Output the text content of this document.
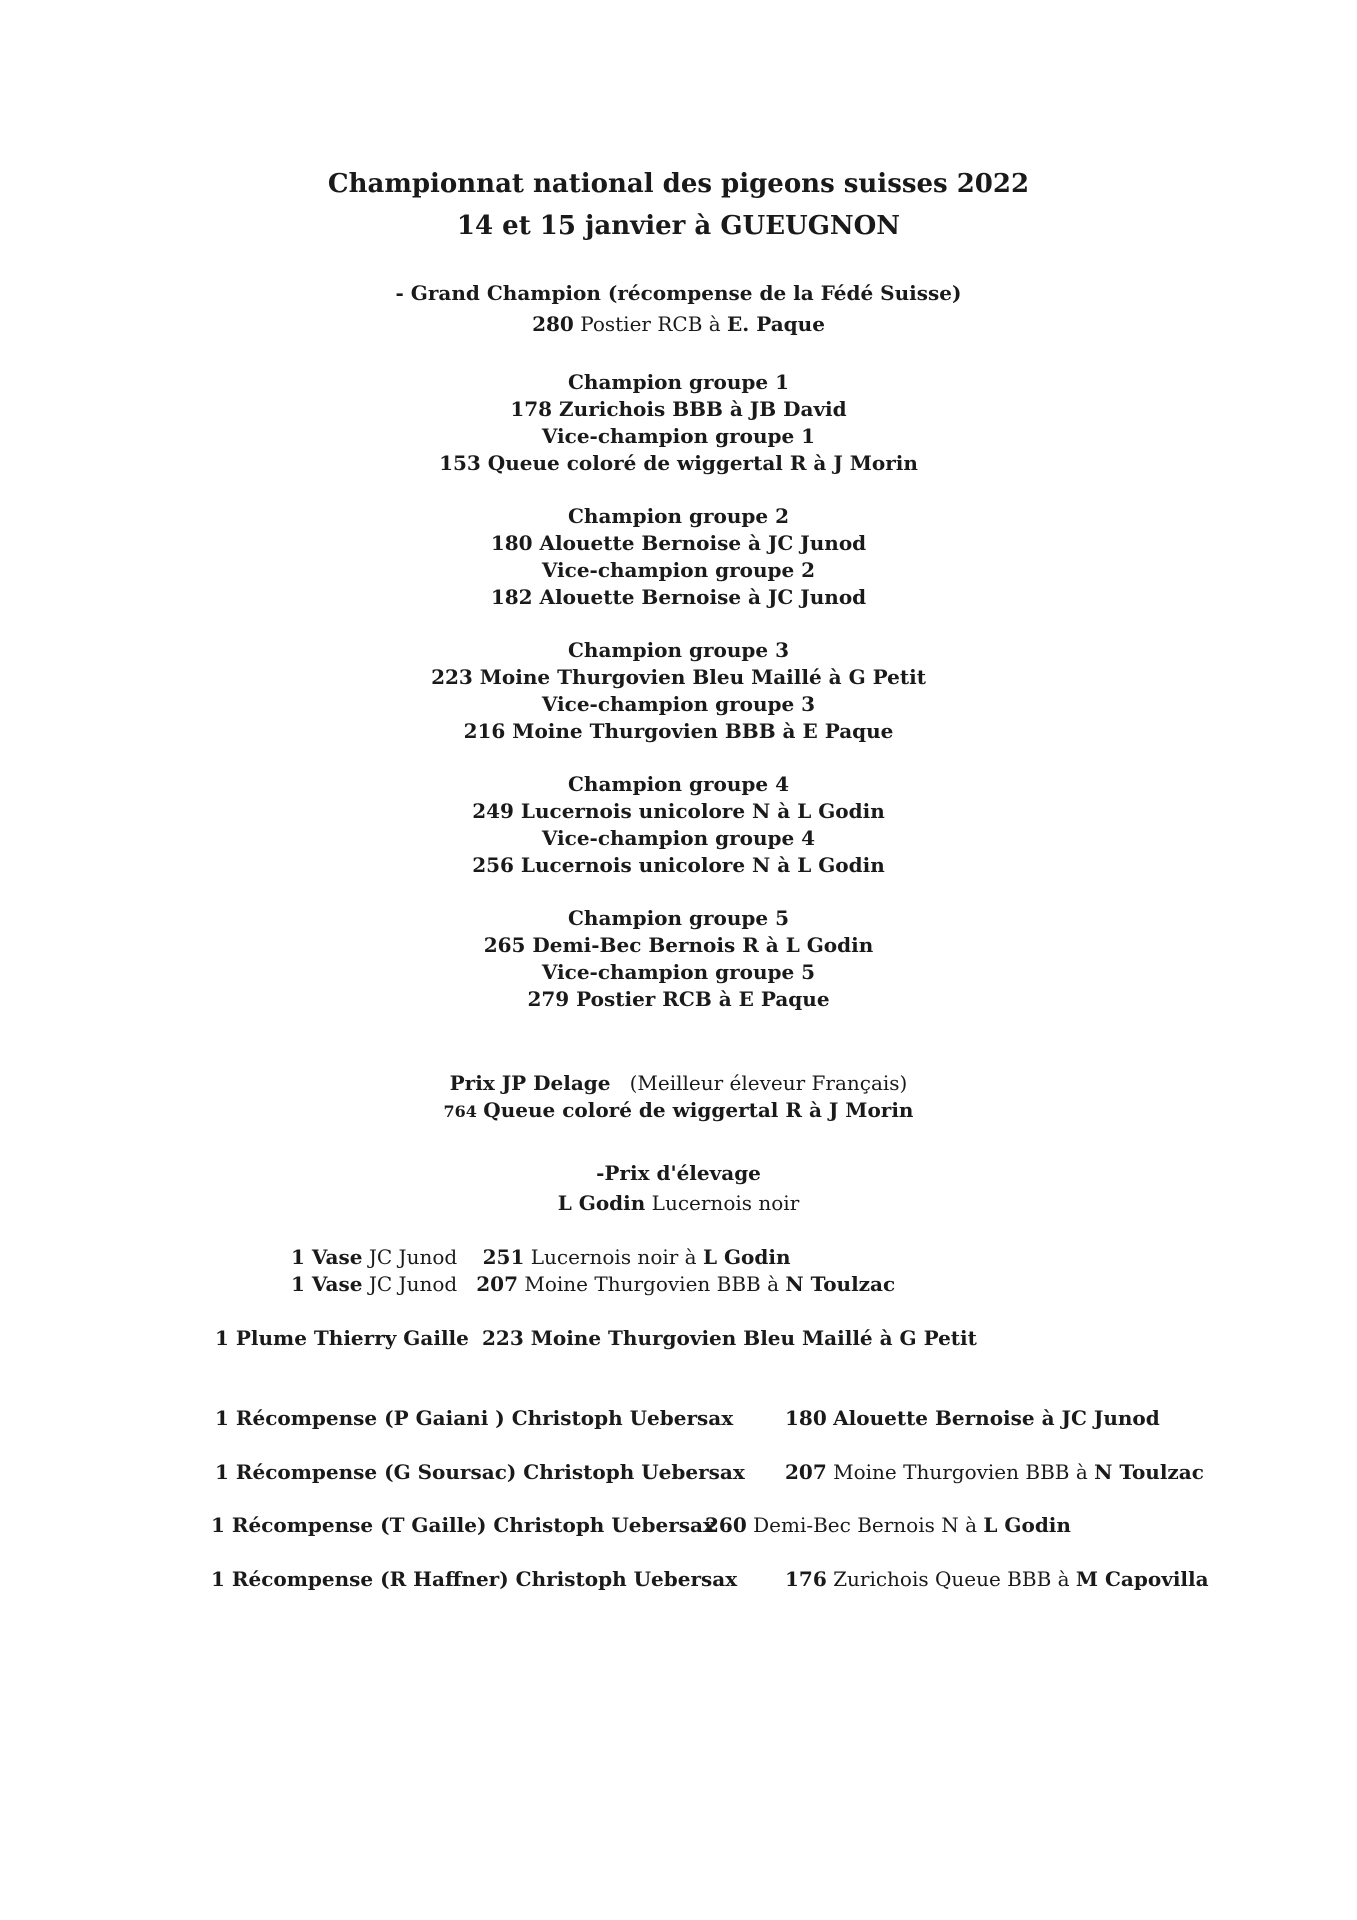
Championnat national des pigeons suisses 2022
14 et 15 janvier à GUEUGNON
- Grand Champion (récompense de la Fédé Suisse)
280 Postier RCB à E. Paque
Champion groupe 1
178 Zurichois BBB à JB David
Vice-champion groupe 1
153 Queue coloré de wiggertal R à J Morin
Champion groupe 2
180 Alouette Bernoise à JC Junod
Vice-champion groupe 2
182 Alouette Bernoise à JC Junod
Champion groupe 3
223 Moine Thurgovien Bleu Maillé à G Petit
Vice-champion groupe 3
216 Moine Thurgovien BBB à E Paque
Champion groupe 4
249 Lucernois unicolore N à L Godin
Vice-champion groupe 4
256 Lucernois unicolore N à L Godin
Champion groupe 5
265 Demi-Bec Bernois R à L Godin
Vice-champion groupe 5
279 Postier RCB à E Paque
Prix JP Delage (Meilleur éleveur Français)
764 Queue coloré de wiggertal R à J Morin
-Prix d'élevage
L Godin Lucernois noir
1 Vase JC Junod 251 Lucernois noir à L Godin
1 Vase JC Junod 207 Moine Thurgovien BBB à N Toulzac
1 Plume Thierry Gaille 223 Moine Thurgovien Bleu Maillé à G Petit
1 Récompense (P Gaiani ) Christoph Uebersax	180 Alouette Bernoise à JC Junod
1 Récompense (G Soursac) Christoph Uebersax 207 Moine Thurgovien BBB à N Toulzac
1 Récompense (T Gaille) Christoph Uebersax
260 Demi-Bec Bernois N à L Godin
1 Récompense (R Haffner) Christoph Uebersax 176 Zurichois Queue BBB à M Capovilla
